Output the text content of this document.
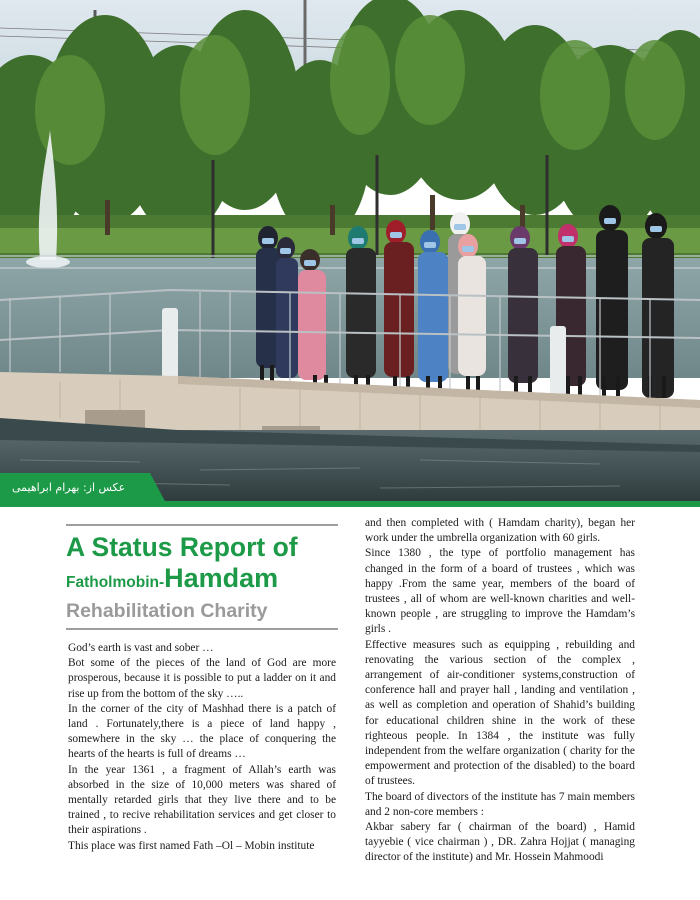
عکس از: بهرام ابراهیمی
A Status Report of
Fatholmobin-Hamdam
Rehabilitation Charity

God’s earth is vast and sober …

Bot some of the pieces of the land of God are more prosperous, because it is possible to put a ladder on it and rise up from the bottom of the sky …..

In the corner of the city of Mashhad there is a patch of land . Fortunately,there is a piece of land happy , somewhere in the sky … the place of conquering the hearts of the hearts is full of dreams …

In the year 1361 , a fragment of Allah’s earth was absorbed in the size of 10,000 meters was shared of mentally retarded girls that they live there and to be trained , to recive rehabilitation services and get closer to their aspirations .

This place was first named Fath –Ol – Mobin institute

and then completed with ( Hamdam charity), began her work under the umbrella organization with 60 girls.

Since 1380 , the type of portfolio management has changed in the form of a board of trustees , which was happy .From the same year, members of the board of trustees , all of whom are well-known charities and well-known people , are struggling to improve the Hamdam’s girls .

Effective measures such as equipping , rebuilding and renovating the various section of the complex , arrangement of air-conditioner systems,construction of conference hall and prayer hall , landing and ventilation , as well as completion and operation of Shahid’s building for educational children shine in the work of these righteous people. In 1384 , the institute was fully independent from the welfare organization ( charity for the empowerment and protection of the disabled) to the board of trustees.

The board of divectors of the institute has 7 main members and 2 non-core members :

Akbar sabery far ( chairman of the board) , Hamid tayyebie ( vice chairman ) , DR. Zahra Hojjat ( managing director of the institute) and Mr. Hossein Mahmoodi
